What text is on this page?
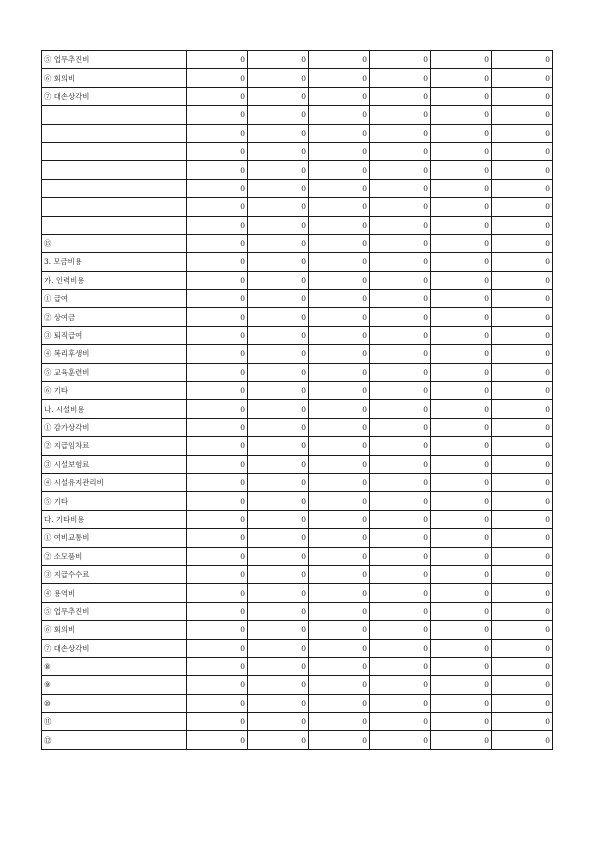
⑤ 업무추진비	0	0	0	0	0	0
⑥ 회의비	0	0	0	0	0	0
⑦ 대손상각비	0	0	0	0	0	0
	0	0	0	0	0	0
	0	0	0	0	0	0
	0	0	0	0	0	0
	0	0	0	0	0	0
	0	0	0	0	0	0
	0	0	0	0	0	0
	0	0	0	0	0	0
⑮	0	0	0	0	0	0
3. 모금비용	0	0	0	0	0	0
가. 인력비용	0	0	0	0	0	0
① 급여	0	0	0	0	0	0
② 상여금	0	0	0	0	0	0
③ 퇴직급여	0	0	0	0	0	0
④ 복리후생비	0	0	0	0	0	0
⑤ 교육훈련비	0	0	0	0	0	0
⑥ 기타	0	0	0	0	0	0
나. 시설비용	0	0	0	0	0	0
① 감가상각비	0	0	0	0	0	0
② 지급임차료	0	0	0	0	0	0
③ 시설보험료	0	0	0	0	0	0
④ 시설유지관리비	0	0	0	0	0	0
⑤ 기타	0	0	0	0	0	0
다. 기타비용	0	0	0	0	0	0
① 여비교통비	0	0	0	0	0	0
② 소모품비	0	0	0	0	0	0
③ 지급수수료	0	0	0	0	0	0
④ 용역비	0	0	0	0	0	0
⑤ 업무추진비	0	0	0	0	0	0
⑥ 회의비	0	0	0	0	0	0
⑦ 대손상각비	0	0	0	0	0	0
⑧	0	0	0	0	0	0
⑨	0	0	0	0	0	0
⑩	0	0	0	0	0	0
⑪	0	0	0	0	0	0
⑫	0	0	0	0	0	0
